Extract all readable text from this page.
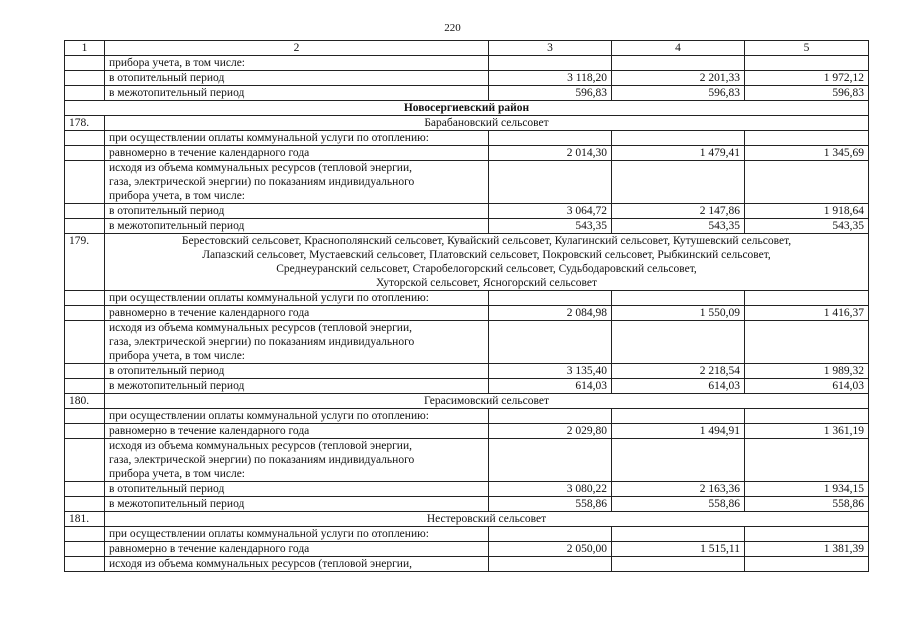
220
1	2	3	4	5
	прибора учета, в том числе:			
	в отопительный период	3 118,20	2 201,33	1 972,12
	в межотопительный период	596,83	596,83	596,83
Новосергиевский район				
178.	Барабановский сельсовет			
	при осуществлении оплаты коммунальной услуги по отоплению:			
	равномерно в течение календарного года	2 014,30	1 479,41	1 345,69

	исходя из объема коммунальных ресурсов (тепловой энергии,
газа, электрической энергии) по показаниям индивидуального
прибора учета, в том числе:			

	в отопительный период	3 064,72	2 147,86	1 918,64
	в межотопительный период	543,35	543,35	543,35
179.	Берестовский сельсовет, Краснополянский сельсовет, Кувайский сельсовет, Кулагинский сельсовет, Кутушевский сельсовет,
Лапазский сельсовет, Мустаевский сельсовет, Платовский сельсовет, Покровский сельсовет, Рыбкинский сельсовет,
Среднеуранский сельсовет, Старобелогорский сельсовет, Судьбодаровский сельсовет,
Хуторской сельсовет, Ясногорский сельсовет			

	при осуществлении оплаты коммунальной услуги по отоплению:			
	равномерно в течение календарного года	2 084,98	1 550,09	1 416,37

	исходя из объема коммунальных ресурсов (тепловой энергии,
газа, электрической энергии) по показаниям индивидуального
прибора учета, в том числе:			

	в отопительный период	3 135,40	2 218,54	1 989,32
	в межотопительный период	614,03	614,03	614,03
180.	Герасимовский сельсовет			
	при осуществлении оплаты коммунальной услуги по отоплению:			
	равномерно в течение календарного года	2 029,80	1 494,91	1 361,19

	исходя из объема коммунальных ресурсов (тепловой энергии,
газа, электрической энергии) по показаниям индивидуального
прибора учета, в том числе:			

	в отопительный период	3 080,22	2 163,36	1 934,15
	в межотопительный период	558,86	558,86	558,86
181.	Нестеровский сельсовет			
	при осуществлении оплаты коммунальной услуги по отоплению:			
	равномерно в течение календарного года	2 050,00	1 515,11	1 381,39
	исходя из объема коммунальных ресурсов (тепловой энергии,			
